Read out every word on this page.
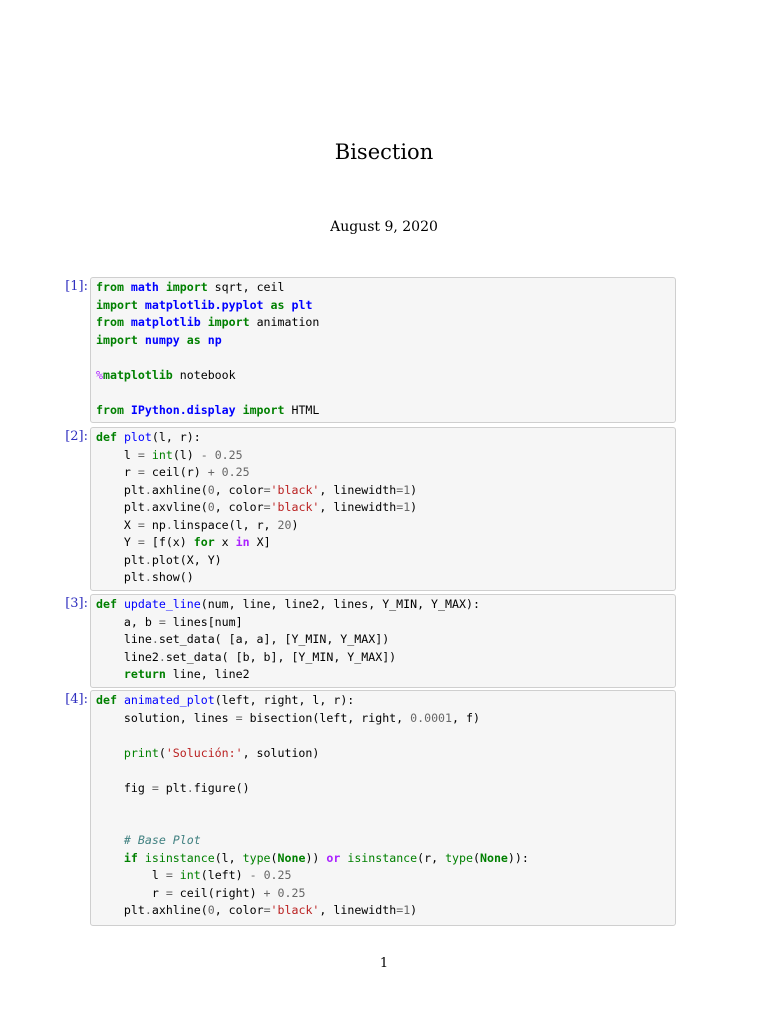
Bisection
August 9, 2020
[1]: from math import sqrt, ceil
import matplotlib.pyplot as plt
from matplotlib import animation
import numpy as np
%matplotlib notebook
from IPython.display import HTML
[2]: def plot(l, r):
l = int(l) - 0.25
r = ceil(r) + 0.25
plt.axhline(0, color='black', linewidth=1)
plt.axvline(0, color='black', linewidth=1)
X = np.linspace(l, r, 20)
Y = [f(x) for x in X]
plt.plot(X, Y)
plt.show()
[3]: def update_line(num, line, line2, lines, Y_MIN, Y_MAX):
a, b = lines[num]
line.set_data( [a, a], [Y_MIN, Y_MAX])
line2.set_data( [b, b], [Y_MIN, Y_MAX])
return line, line2
[4]: def animated_plot(left, right, l, r):
solution, lines = bisection(left, right, 0.0001, f)
print('Solución:', solution)
fig = plt.figure()
# Base Plot
if isinstance(l, type(None)) or isinstance(r, type(None)):
l = int(left) - 0.25
r = ceil(right) + 0.25
plt.axhline(0, color='black', linewidth=1)
1
